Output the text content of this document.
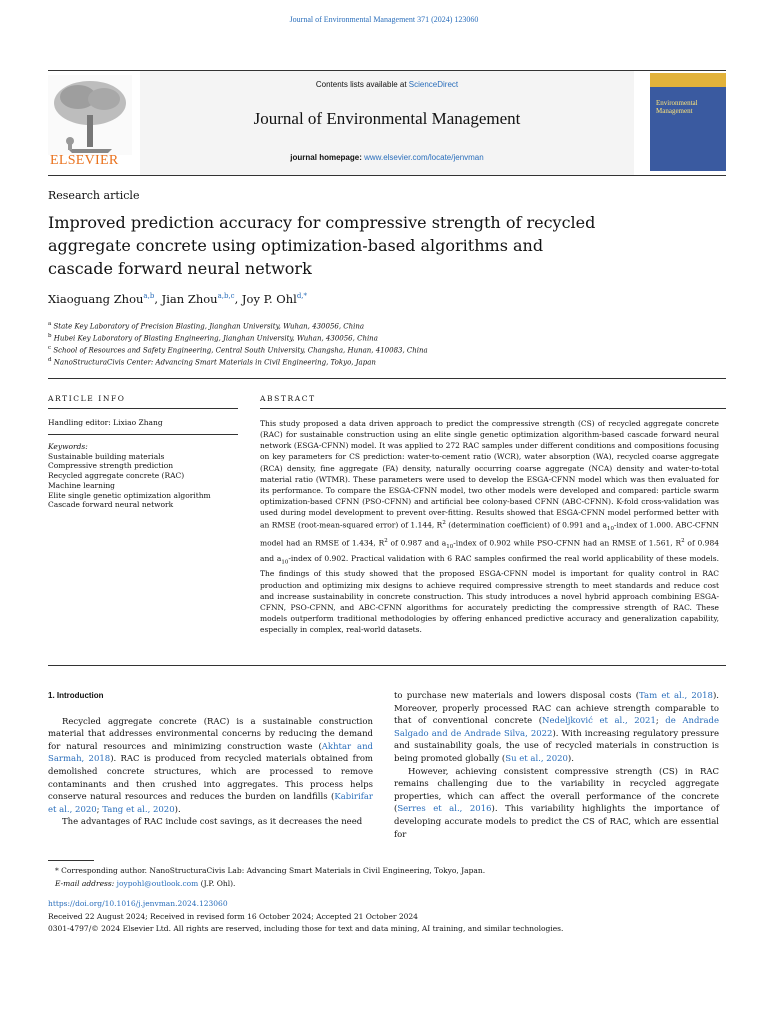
Journal of Environmental Management 371 (2024) 123060
ELSEVIER
Contents lists available at ScienceDirect
Journal of Environmental Management
journal homepage: www.elsevier.com/locate/jenvman
Environmental Management
Research article
Improved prediction accuracy for compressive strength of recycled aggregate concrete using optimization-based algorithms and cascade forward neural network
Xiaoguang Zhou$^{a,b}$, Jian Zhou$^{a,b,c}$, Joy P. Ohl$^{d,*}$
$^a$ State Key Laboratory of Precision Blasting, Jianghan University, Wuhan, 430056, China
$^b$ Hubei Key Laboratory of Blasting Engineering, Jianghan University, Wuhan, 430056, China
$^c$ School of Resources and Safety Engineering, Central South University, Changsha, Hunan, 410083, China
$^d$ NanoStructuraCivis Center: Advancing Smart Materials in Civil Engineering, Tokyo, Japan
ARTICLE INFO	ABSTRACT
Handling editor: Lixiao Zhang
Keywords:
Sustainable building materials
Compressive strength prediction
Recycled aggregate concrete (RAC)
Machine learning
Elite single genetic optimization algorithm
Cascade forward neural network
This study proposed a data driven approach to predict the compressive strength (CS) of recycled aggregate concrete (RAC) for sustainable construction using an elite single genetic optimization algorithm-based cascade forward neural network (ESGA-CFNN) model. It was applied to 272 RAC samples under different conditions and compositions focusing on key parameters for CS prediction: water-to-cement ratio (WCR), water absorption (WA), recycled coarse aggregate (RCA) density, fine aggregate (FA) density, naturally occurring coarse aggregate (NCA) density and water-to-total material ratio (WTMR). These parameters were used to develop the ESGA-CFNN model which was then evaluated for its performance. To compare the ESGA-CFNN model, two other models were developed and compared: particle swarm optimization-based CFNN (PSO-CFNN) and artificial bee colony-based CFNN (ABC-CFNN). K-fold cross-validation was used during model development to prevent over-fitting. Results showed that ESGA-CFNN model performed better with an RMSE (root-mean-squared error) of 1.144, $R^2$ (determination coefficient) of 0.991 and $a_{10}$-index of 1.000. ABC-CFNN model had an RMSE of 1.434, $R^2$ of 0.987 and $a_{10}$-index of 0.902 while PSO-CFNN had an RMSE of 1.561, $R^2$ of 0.984 and $a_{10}$-index of 0.902. Practical validation with 6 RAC samples confirmed the real world applicability of these models. The findings of this study showed that the proposed ESGA-CFNN model is important for quality control in RAC production and optimizing mix designs to achieve required compressive strength to meet standards and reduce cost and increase sustainability in concrete construction. This study introduces a novel hybrid approach combining ESGA-CFNN, PSO-CFNN, and ABC-CFNN algorithms for accurately predicting the compressive strength of RAC. These models outperform traditional methodologies by offering enhanced predictive accuracy and generalization capability, especially in complex, real-world datasets.

1. Introduction

Recycled aggregate concrete (RAC) is a sustainable construction material that addresses environmental concerns by reducing the demand for natural resources and minimizing construction waste (Akhtar and Sarmah, 2018). RAC is produced from recycled materials obtained from demolished concrete structures, which are processed to remove contaminants and then crushed into aggregates. This process helps conserve natural resources and reduces the burden on landfills (Kabirifar et al., 2020; Tang et al., 2020).

The advantages of RAC include cost savings, as it decreases the need

to purchase new materials and lowers disposal costs (Tam et al., 2018). Moreover, properly processed RAC can achieve strength comparable to that of conventional concrete (Nedeljković et al., 2021; de Andrade Salgado and de Andrade Silva, 2022). With increasing regulatory pressure and sustainability goals, the use of recycled materials in construction is being promoted globally (Su et al., 2020).

However, achieving consistent compressive strength (CS) in RAC remains challenging due to the variability in recycled aggregate properties, which can affect the overall performance of the concrete (Serres et al., 2016). This variability highlights the importance of developing accurate models to predict the CS of RAC, which are essential for

* Corresponding author. NanoStructuraCivis Lab: Advancing Smart Materials in Civil Engineering, Tokyo, Japan.
E-mail address: joypohl@outlook.com (J.P. Ohl).
https://doi.org/10.1016/j.jenvman.2024.123060
Received 22 August 2024; Received in revised form 16 October 2024; Accepted 21 October 2024
0301-4797/© 2024 Elsevier Ltd. All rights are reserved, including those for text and data mining, AI training, and similar technologies.
